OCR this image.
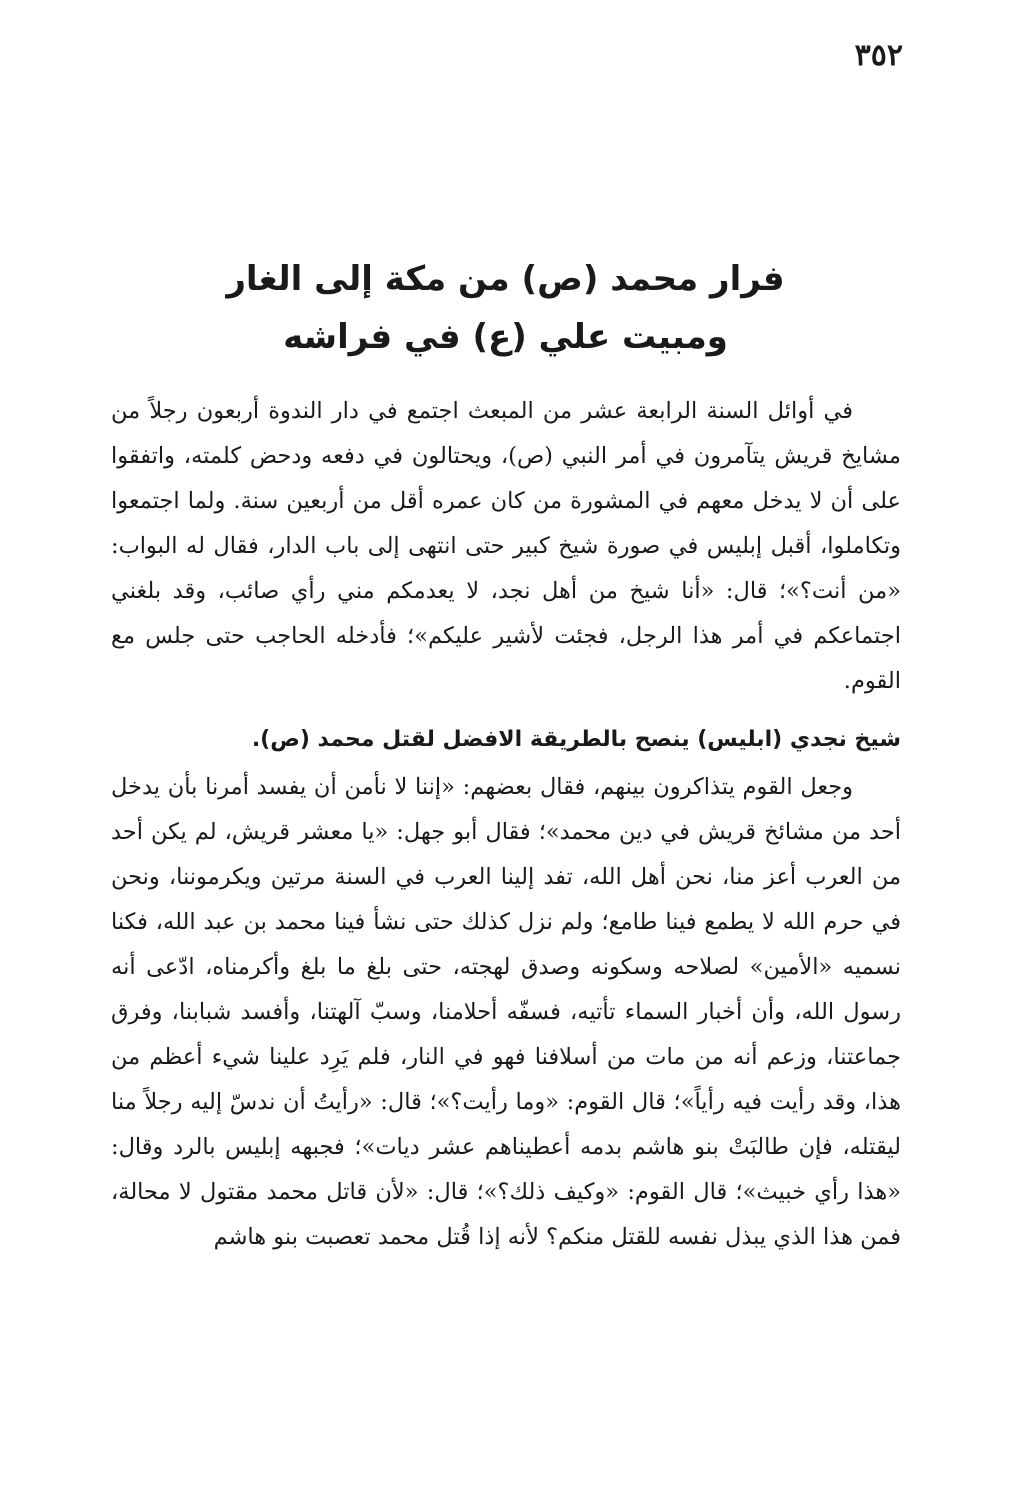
٣٥٢
فرار محمد (ص) من مكة إلى الغار
ومبيت علي (ع) في فراشه

في أوائل السنة الرابعة عشر من المبعث اجتمع في دار الندوة أربعون رجلاً من مشايخ قريش يتآمرون في أمر النبي (ص)، ويحتالون في دفعه ودحض كلمته، واتفقوا على أن لا يدخل معهم في المشورة من كان عمره أقل من أربعين سنة. ولما اجتمعوا وتكاملوا، أقبل إبليس في صورة شيخ كبير حتى انتهى إلى باب الدار، فقال له البواب: «من أنت؟»؛ قال: «أنا شيخ من أهل نجد، لا يعدمكم مني رأي صائب، وقد بلغني اجتماعكم في أمر هذا الرجل، فجئت لأشير عليكم»؛ فأدخله الحاجب حتى جلس مع القوم.

شيخ نجدي (ابليس) ينصح بالطريقة الافضل لقتل محمد (ص).

وجعل القوم يتذاكرون بينهم، فقال بعضهم: «إننا لا نأمن أن يفسد أمرنا بأن يدخل أحد من مشائخ قريش في دين محمد»؛ فقال أبو جهل: «يا معشر قريش، لم يكن أحد من العرب أعز منا، نحن أهل الله، تفد إلينا العرب في السنة مرتين ويكرموننا، ونحن في حرم الله لا يطمع فينا طامع؛ ولم نزل كذلك حتى نشأ فينا محمد بن عبد الله، فكنا نسميه «الأمين» لصلاحه وسكونه وصدق لهجته، حتى بلغ ما بلغ وأكرمناه، ادّعى أنه رسول الله، وأن أخبار السماء تأتيه، فسفّه أحلامنا، وسبّ آلهتنا، وأفسد شبابنا، وفرق جماعتنا، وزعم أنه من مات من أسلافنا فهو في النار، فلم يَرِد علينا شيء أعظم من هذا، وقد رأيت فيه رأياً»؛ قال القوم: «وما رأيت؟»؛ قال: «رأيتُ أن ندسّ إليه رجلاً منا ليقتله، فإن طالبَتْ بنو هاشم بدمه أعطيناهم عشر ديات»؛ فجبهه إبليس بالرد وقال: «هذا رأي خبيث»؛ قال القوم: «وكيف ذلك؟»؛ قال: «لأن قاتل محمد مقتول لا محالة، فمن هذا الذي يبذل نفسه للقتل منكم؟ لأنه إذا قُتل محمد تعصبت بنو هاشم
